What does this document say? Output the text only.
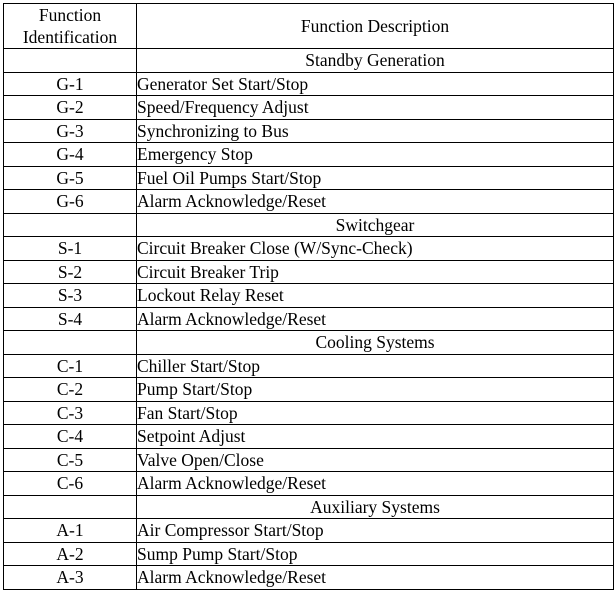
Function
Identification	Function Description
	Standby Generation
G-1	Generator Set Start/Stop
G-2	Speed/Frequency Adjust
G-3	Synchronizing to Bus
G-4	Emergency Stop
G-5	Fuel Oil Pumps Start/Stop
G-6	Alarm Acknowledge/Reset
	Switchgear
S-1	Circuit Breaker Close (W/Sync-Check)
S-2	Circuit Breaker Trip
S-3	Lockout Relay Reset
S-4	Alarm Acknowledge/Reset
	Cooling Systems
C-1	Chiller Start/Stop
C-2	Pump Start/Stop
C-3	Fan Start/Stop
C-4	Setpoint Adjust
C-5	Valve Open/Close
C-6	Alarm Acknowledge/Reset
	Auxiliary Systems
A-1	Air Compressor Start/Stop
A-2	Sump Pump Start/Stop
A-3	Alarm Acknowledge/Reset
